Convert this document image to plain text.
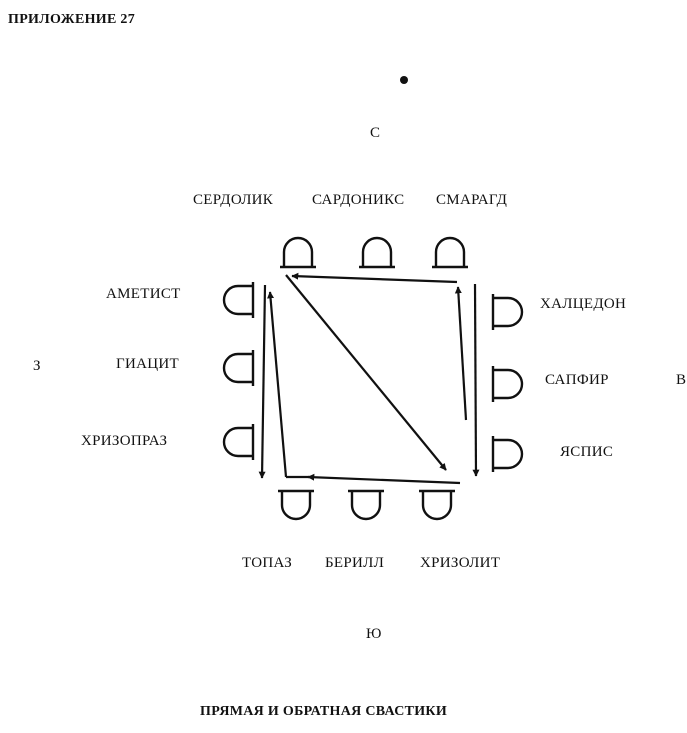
ПРИЛОЖЕНИЕ 27
С
З
В
Ю
СЕРДОЛИК	САРДОНИКС СМАРАГД
АМЕТИСТ
ГИАЦИТ
ХРИЗОПРАЗ
ХАЛЦЕДОН
САПФИР
ЯСПИС
ТОПАЗ БЕРИЛЛ ХРИЗОЛИТ
ПРЯМАЯ И ОБРАТНАЯ СВАСТИКИ
